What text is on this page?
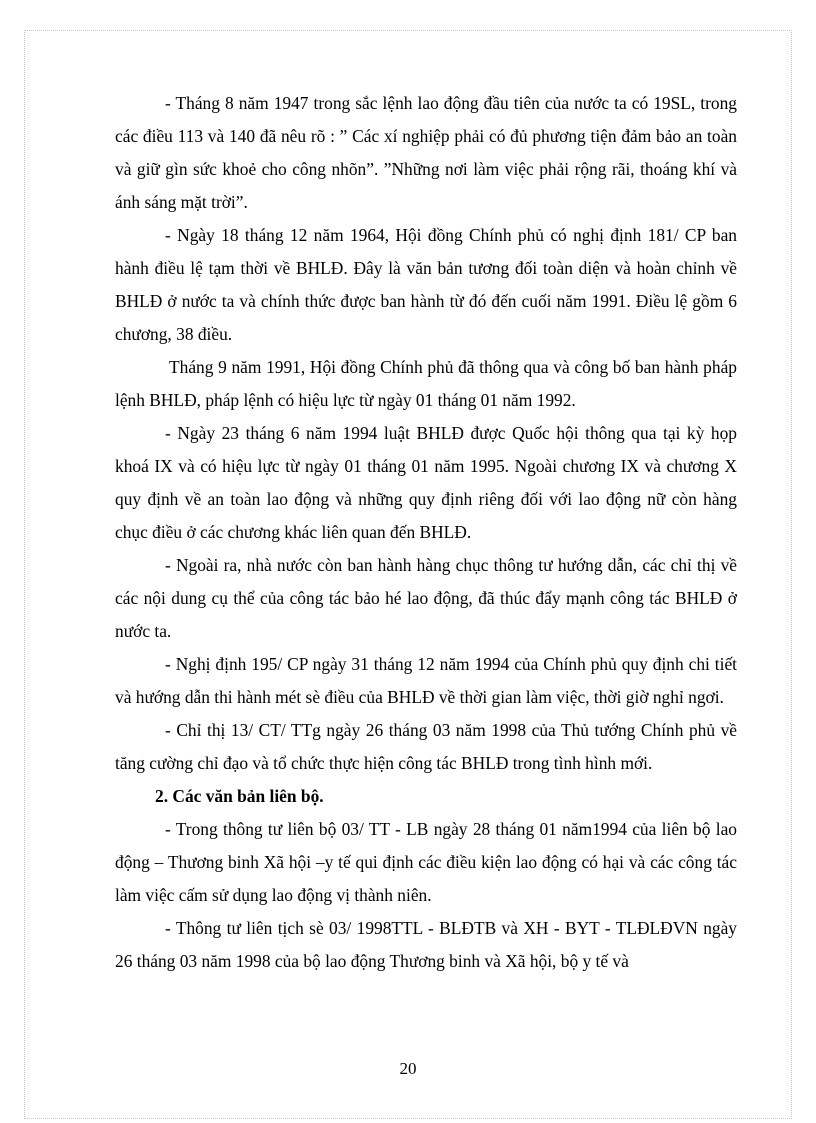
- Tháng 8 năm 1947 trong sắc lệnh lao động đầu tiên của nước ta có 19SL, trong các điều 113 và 140 đã nêu rõ : ” Các xí nghiệp phải có đủ phương tiện đảm bảo an toàn và giữ gìn sức khoẻ cho công nhõn”. ”Những nơi làm việc phải rộng rãi, thoáng khí và ánh sáng mặt trời”.

- Ngày 18 tháng 12 năm 1964, Hội đồng Chính phủ có nghị định 181/ CP ban hành điều lệ tạm thời về BHLĐ. Đây là văn bản tương đối toàn diện và hoàn chỉnh về BHLĐ ở nước ta và chính thức được ban hành từ đó đến cuối năm 1991. Điều lệ gồm 6 chương, 38 điều.

Tháng 9 năm 1991, Hội đồng Chính phủ đã thông qua và công bố ban hành pháp lệnh BHLĐ, pháp lệnh có hiệu lực từ ngày 01 tháng 01 năm 1992.

- Ngày 23 tháng 6 năm 1994 luật BHLĐ được Quốc hội thông qua tại kỳ họp khoá IX và có hiệu lực từ ngày 01 tháng 01 năm 1995. Ngoài chương IX và chương X quy định về an toàn lao động và những quy định riêng đối với lao động nữ còn hàng chục điều ở các chương khác liên quan đến BHLĐ.

- Ngoài ra, nhà nước còn ban hành hàng chục thông tư hướng dẫn, các chỉ thị về các nội dung cụ thể của công tác bảo hé lao động, đã thúc đẩy mạnh công tác BHLĐ ở nước ta.

- Nghị định 195/ CP ngày 31 tháng 12 năm 1994 của Chính phủ quy định chi tiết và hướng dẫn thi hành mét sè điều của BHLĐ về thời gian làm việc, thời giờ nghỉ ngơi.

- Chỉ thị 13/ CT/ TTg ngày 26 tháng 03 năm 1998 của Thủ tướng Chính phủ về tăng cường chỉ đạo và tổ chức thực hiện công tác BHLĐ trong tình hình mới.

2. Các văn bản liên bộ.

- Trong thông tư liên bộ 03/ TT - LB ngày 28 tháng 01 năm1994 của liên bộ lao động – Thương binh Xã hội –y tế qui định các điều kiện lao động có hại và các công tác làm việc cấm sử dụng lao động vị thành niên.

- Thông tư liên tịch sè 03/ 1998TTL - BLĐTB và XH - BYT - TLĐLĐVN ngày 26 tháng 03 năm 1998 của bộ lao động Thương binh và Xã hội, bộ y tế và

20
